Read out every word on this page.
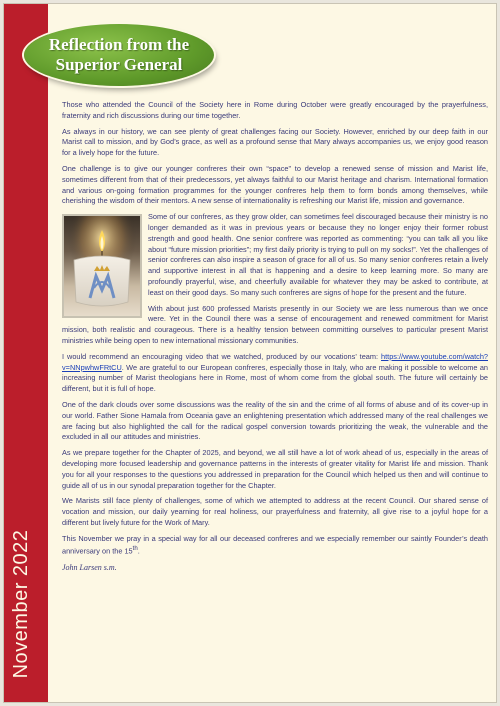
November 2022
Reflection from the
Superior General

Those who attended the Council of the Society here in Rome during October were greatly encouraged by the prayerfulness, fraternity and rich discussions during our time together.

As always in our history, we can see plenty of great challenges facing our Society. However, enriched by our deep faith in our Marist call to mission, and by God’s grace, as well as a profound sense that Mary always accompanies us, we enjoy good reason for a lively hope for the future.

One challenge is to give our younger confreres their own “space” to develop a renewed sense of mission and Marist life, sometimes different from that of their predecessors, yet always faithful to our Marist heritage and charism. International formation and various on-going formation programmes for the younger confreres help them to form bonds among themselves, while cherishing the wisdom of their mentors. A new sense of internationality is refreshing our Marist life, mission and governance.

Some of our confreres, as they grow older, can sometimes feel discouraged because their ministry is no longer demanded as it was in previous years or because they no longer enjoy their former robust strength and good health. One senior confrere was reported as commenting: “you can talk all you like about “future mission priorities”; my first daily priority is trying to pull on my socks!”. Yet the challenges of senior confreres can also inspire a season of grace for all of us. So many senior confreres retain a lively and supportive interest in all that is happening and a desire to keep learning more. So many are profoundly prayerful, wise, and cheerfully available for whatever they may be asked to contribute, at least on their good days. So many such confreres are signs of hope for the present and the future.

With about just 600 professed Marists presently in our Society we are less numerous than we once were. Yet in the Council there was a sense of encouragement and renewed commitment for Marist mission, both realistic and courageous. There is a healthy tension between committing ourselves to particular present Marist ministries while being open to new international missionary communities.

I would recommend an encouraging video that we watched, produced by our vocations’ team: https://www.youtube.com/watch?v=NNpwhwFRtCU. We are grateful to our European confreres, especially those in Italy, who are making it possible to welcome an increasing number of Marist theologians here in Rome, most of whom come from the global south. The future will certainly be different, but it is full of hope.

One of the dark clouds over some discussions was the reality of the sin and the crime of all forms of abuse and of its cover-up in our world. Father Sione Hamala from Oceania gave an enlightening presentation which addressed many of the real challenges we are facing but also highlighted the call for the radical gospel conversion towards prioritizing the weak, the vulnerable and the excluded in all our attitudes and ministries.

As we prepare together for the Chapter of 2025, and beyond, we all still have a lot of work ahead of us, especially in the areas of developing more focused leadership and governance patterns in the interests of greater vitality for Marist life and mission. Thank you for all your responses to the questions you addressed in preparation for the Council which helped us then and will continue to guide all of us in our synodal preparation together for the Chapter.

We Marists still face plenty of challenges, some of which we attempted to address at the recent Council. Our shared sense of vocation and mission, our daily yearning for real holiness, our prayerfulness and fraternity, all give rise to a joyful hope for a different but lively future for the Work of Mary.

This November we pray in a special way for all our deceased confreres and we especially remember our saintly Founder’s death anniversary on the 15th.

John Larsen s.m.
